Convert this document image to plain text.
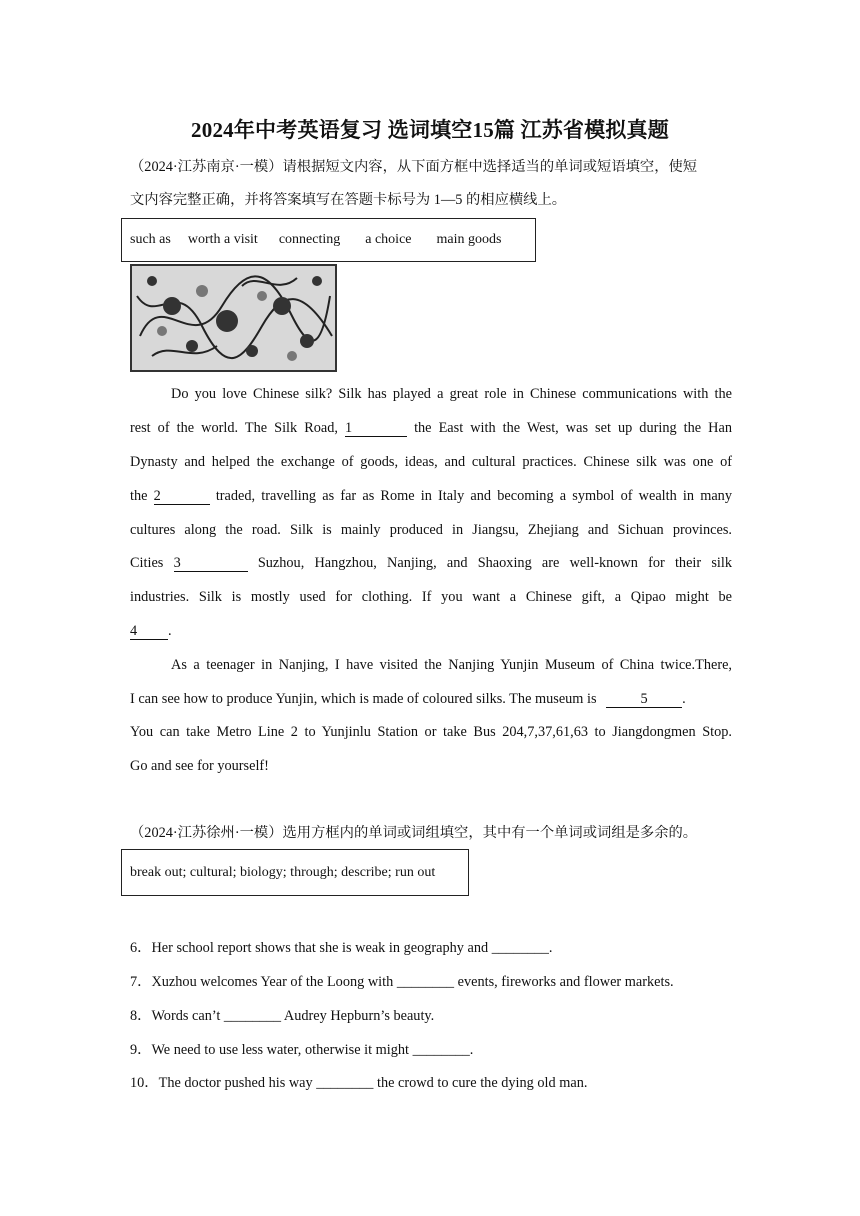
2024年中考英语复习 选词填空15篇 江苏省模拟真题
（2024·江苏南京·一模）请根据短文内容，从下面方框中选择适当的单词或短语填空，使短
文内容完整正确，并将答案填写在答题卡标号为 1—5 的相应横线上。
such as worth a visit connecting a choice main goods
Do you love Chinese silk? Silk has played a great role in Chinese communications with the
rest of the world. The Silk Road, 1	the East with the West, was set up during the Han
Dynasty and helped the exchange of goods, ideas, and cultural practices. Chinese silk was one of
the 2	traded, travelling as far as Rome in Italy and becoming a symbol of wealth in many
cultures along the road. Silk is mainly produced in Jiangsu, Zhejiang and Sichuan provinces.
Cities 3	Suzhou, Hangzhou, Nanjing, and Shaoxing are well-known for their silk
industries. Silk is mostly used for clothing. If you want a Chinese gift, a Qipao might be
4 .
As a teenager in Nanjing, I have visited the Nanjing Yunjin Museum of China twice.There,
I can see how to produce Yunjin, which is made of coloured silks. The museum is	5 .
You can take Metro Line 2 to Yunjinlu Station or take Bus 204,7,37,61,63 to Jiangdongmen Stop.
Go and see for yourself!
（2024·江苏徐州·一模）选用方框内的单词或词组填空，其中有一个单词或词组是多余的。
break out; cultural; biology; through; describe; run out
6．Her school report shows that she is weak in geography and ________.
7．Xuzhou welcomes Year of the Loong with ________ events, fireworks and flower markets.
8．Words can’t ________ Audrey Hepburn’s beauty.
9．We need to use less water, otherwise it might ________.
10．The doctor pushed his way ________ the crowd to cure the dying old man.
